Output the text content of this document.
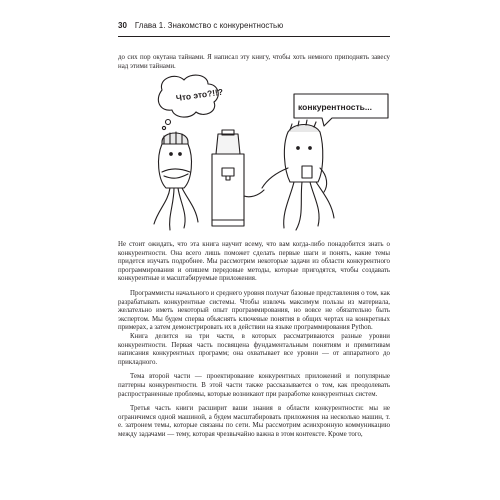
30 Глава 1. Знакомство с конкурентностью

до сих пор окутана тайнами. Я написал эту книгу, чтобы хоть немного приподнять завесу над этими тайнами.

Что это?!!?
конкурентность...

Не стоит ожидать, что эта книга научит всему, что вам когда-либо понадобится знать о конкурентности. Она всего лишь поможет сделать первые шаги и понять, какие темы придется изучать подробнее. Мы рассмотрим некоторые задачи из области конкурентного программирования и опишем передовые методы, которые пригодятся, чтобы создавать конкурентные и масштабируемые приложения.

Программисты начального и среднего уровня получат базовые представления о том, как разрабатывать конкурентные системы. Чтобы извлечь максимум пользы из материала, желательно иметь некоторый опыт программирования, но вовсе не обязательно быть экспертом. Мы будем сперва объяснять ключевые понятия в общих чертах на конкретных примерах, а затем демонстрировать их в действии на языке программирования Python.

Книга делится на три части, в которых рассматриваются разные уровни конкурентности. Первая часть посвящена фундаментальным понятиям и примитивам написания конкурентных программ; она охватывает все уровни — от аппаратного до прикладного.

Тема второй части — проектирование конкурентных приложений и популярные паттерны конкурентности. В этой части также рассказывается о том, как преодолевать распространенные проблемы, которые возникают при разработке конкурентных систем.

Третья часть книги расширит ваши знания в области конкурентности: мы не ограничимся одной машиной, а будем масштабировать приложения на несколько машин, т. е. затронем темы, которые связаны по сети. Мы рассмотрим асинхронную коммуникацию между задачами — тему, которая чрезвычайно важна в этом контексте. Кроме того,
